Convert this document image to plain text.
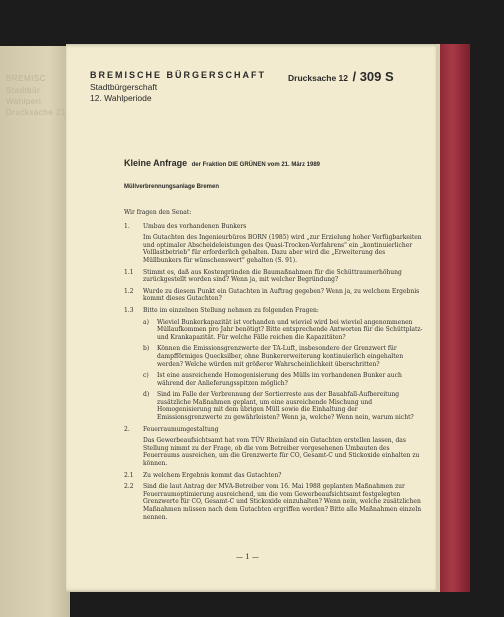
BREMISC
Stadtbür
Wahlperi
Drucksache 21
BREMISCHE BÜRGERSCHAFT
Stadtbürgerschaft
12. Wahlperiode
Drucksache 12 / 309 S
Kleine Anfrage der Fraktion DIE GRÜNEN vom 21. März 1989
Müllverbrennungsanlage Bremen

Wir fragen den Senat:

1.	Umbau des vorhandenen Bunkers

Im Gutachten des Ingenieurbüros BORN (1985) wird „zur Erzielung hoher Verfügbarkeiten und optimaler Abscheideleistungen des Quasi-Trocken-Verfahrens" ein „kontinuierlicher Volllastbetrieb" für erforderlich gehalten. Dazu aber wird die „Erweiterung des Müllbunkers für wünschenswert" gehalten (S. 91).

1.1	Stimmt es, daß aus Kostengründen die Baumaßnahmen für die Schüttraumerhöhung zurückgestellt worden sind? Wenn ja, mit welcher Begründung?
1.2	Wurde zu diesem Punkt ein Gutachten in Auftrag gegeben? Wenn ja, zu welchem Ergebnis kommt dieses Gutachten?
1.3	Bitte im einzelnen Stellung nehmen zu folgenden Fragen:
a)	Wieviel Bunkerkapazität ist vorhanden und wieviel wird bei wieviel angenommenen Müllaufkommen pro Jahr benötigt? Bitte entsprechende Antworten für die Schüttplatz- und Krankapazität. Für welche Fälle reichen die Kapazitäten?
b)	Können die Emissionsgrenzwerte der TA-Luft, insbesondere der Grenzwert für dampfförmiges Quecksilber, ohne Bunkererweiterung kontinuierlich eingehalten werden? Welche würden mit größerer Wahrscheinlichkeit überschritten?
c)	Ist eine ausreichende Homogenisierung des Mülls im vorhandenen Bunker auch während der Anlieferungsspitzen möglich?
d)	Sind im Falle der Verbrennung der Sortierreste aus der Bauabfall-Aufbereitung zusätzliche Maßnahmen geplant, um eine ausreichende Mischung und Homogenisierung mit dem übrigen Müll sowie die Einhaltung der Emissionsgrenzwerte zu gewährleisten? Wenn ja, welche? Wenn nein, warum nicht?
2.	Feuerraumumgestaltung

Das Gewerbeaufsichtsamt hat vom TÜV Rheinland ein Gutachten erstellen lassen, das Stellung nimmt zu der Frage, ob die vom Betreiber vorgesehenen Umbauten des Feuerraums ausreichen, um die Grenzwerte für CO, Gesamt-C und Stickoxide einhalten zu können.

2.1	Zu welchem Ergebnis kommt das Gutachten?
2.2	Sind die laut Antrag der MVA-Betreiber vom 16. Mai 1988 geplanten Maßnahmen zur Feuerraumoptimierung ausreichend, um die vom Gewerbeaufsichtsamt festgelegten Grenzwerte für CO, Gesamt-C und Stickoxide einzuhalten? Wenn nein, welche zusätzlichen Maßnahmen müssen nach dem Gutachten ergriffen werden? Bitte alle Maßnahmen einzeln nennen.
— 1 —
